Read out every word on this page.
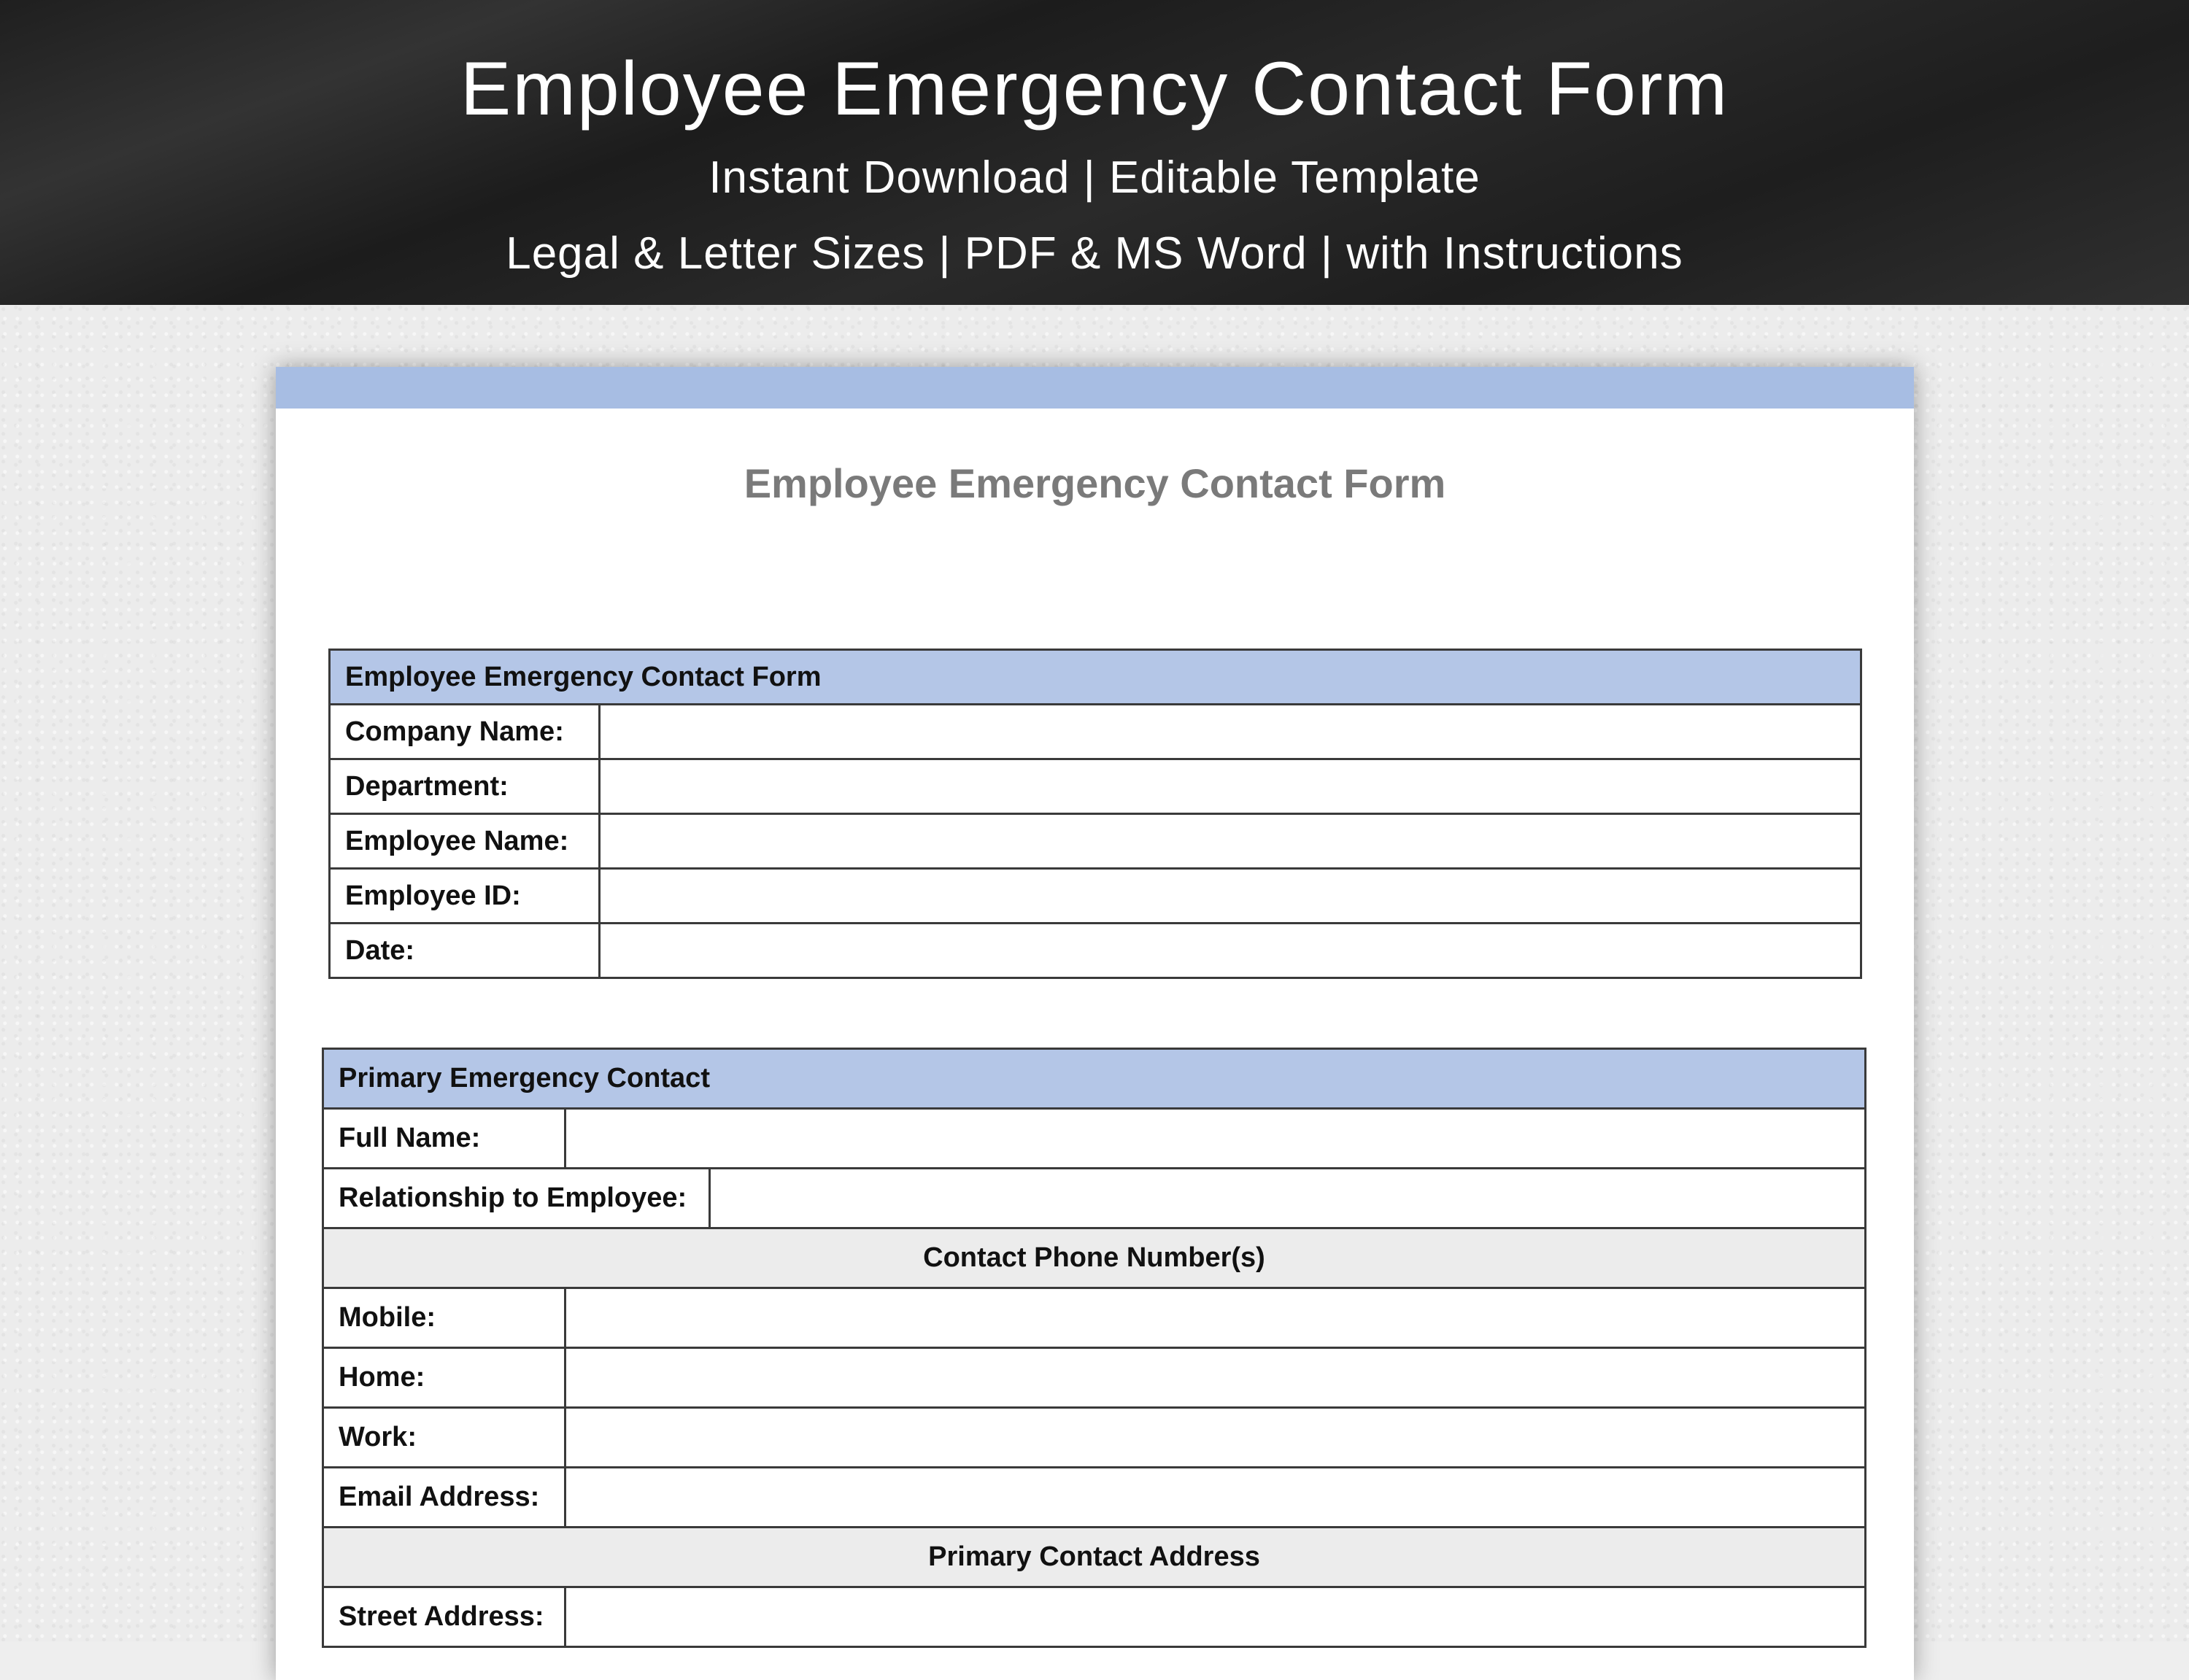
Employee Emergency Contact Form
Instant Download | Editable Template
Legal & Letter Sizes | PDF & MS Word | with Instructions
Employee Emergency Contact Form
Employee Emergency Contact Form	
Company Name:	
Department:	
Employee Name:	
Employee ID:	
Date:	
Primary Emergency Contact		
Full Name:		
Relationship to Employee:		
Contact Phone Number(s)		
Mobile:		
Home:		
Work:		
Email Address:		
Primary Contact Address		
Street Address:		
